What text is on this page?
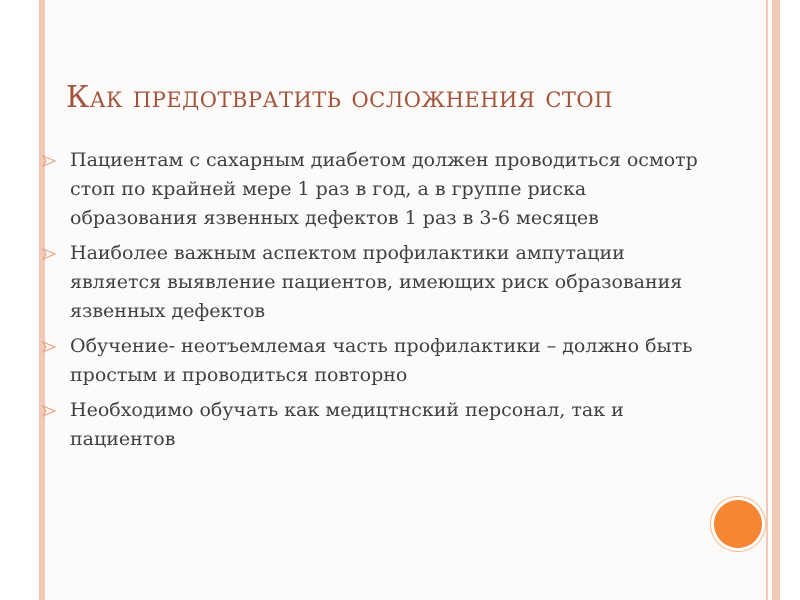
Как предотвратить осложнения стоп
Пациентам с сахарным диабетом должен проводиться осмотр стоп по крайней мере 1 раз в год, а в группе риска образования язвенных дефектов 1 раз в 3-6 месяцев
Наиболее важным аспектом профилактики ампутации является выявление пациентов, имеющих риск образования язвенных дефектов
Обучение- неотъемлемая часть профилактики – должно быть простым и проводиться повторно
Необходимо обучать как медицтнский персонал, так и пациентов
